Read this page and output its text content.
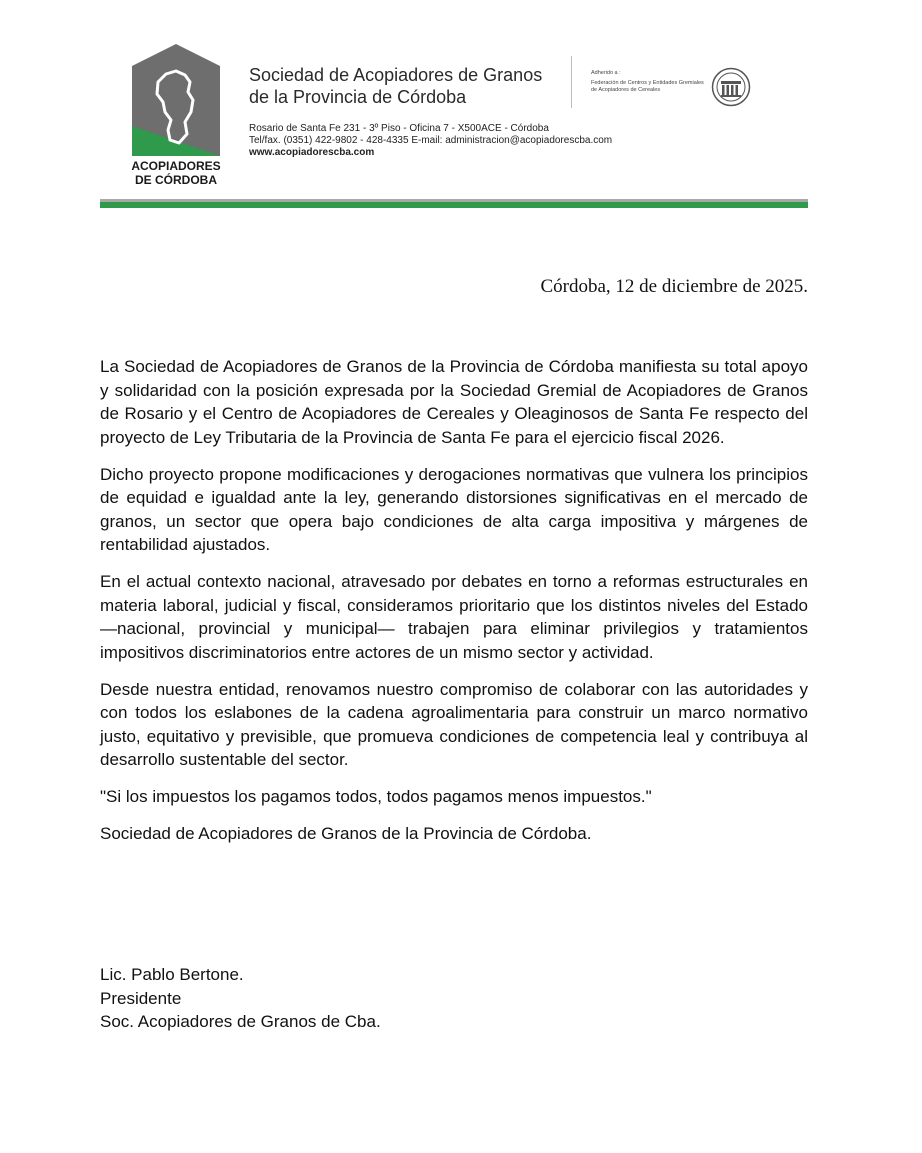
ACOPIADORES
DE CÓRDOBA
Sociedad de Acopiadores de Granos
de la Provincia de Córdoba
Rosario de Santa Fe 231 - 3º Piso - Oficina 7 - X500ACE - Córdoba
Tel/fax. (0351) 422-9802 - 428-4335 E-mail: administracion@acopiadorescba.com
www.acopiadorescba.com
Adherido a :
Federación de Centros y Entidades Gremiales
de Acopiadores de Cereales
Córdoba, 12 de diciembre de 2025.

La Sociedad de Acopiadores de Granos de la Provincia de Córdoba manifiesta su total apoyo y solidaridad con la posición expresada por la Sociedad Gremial de Acopiadores de Granos de Rosario y el Centro de Acopiadores de Cereales y Oleaginosos de Santa Fe respecto del proyecto de Ley Tributaria de la Provincia de Santa Fe para el ejercicio fiscal 2026.

Dicho proyecto propone modificaciones y derogaciones normativas que vulnera los principios de equidad e igualdad ante la ley, generando distorsiones significativas en el mercado de granos, un sector que opera bajo condiciones de alta carga impositiva y márgenes de rentabilidad ajustados.

En el actual contexto nacional, atravesado por debates en torno a reformas estructurales en materia laboral, judicial y fiscal, consideramos prioritario que los distintos niveles del Estado —nacional, provincial y municipal— trabajen para eliminar privilegios y tratamientos impositivos discriminatorios entre actores de un mismo sector y actividad.

Desde nuestra entidad, renovamos nuestro compromiso de colaborar con las autoridades y con todos los eslabones de la cadena agroalimentaria para construir un marco normativo justo, equitativo y previsible, que promueva condiciones de competencia leal y contribuya al desarrollo sustentable del sector.

"Si los impuestos los pagamos todos, todos pagamos menos impuestos."

Sociedad de Acopiadores de Granos de la Provincia de Córdoba.

Lic. Pablo Bertone.
Presidente
Soc. Acopiadores de Granos de Cba.
